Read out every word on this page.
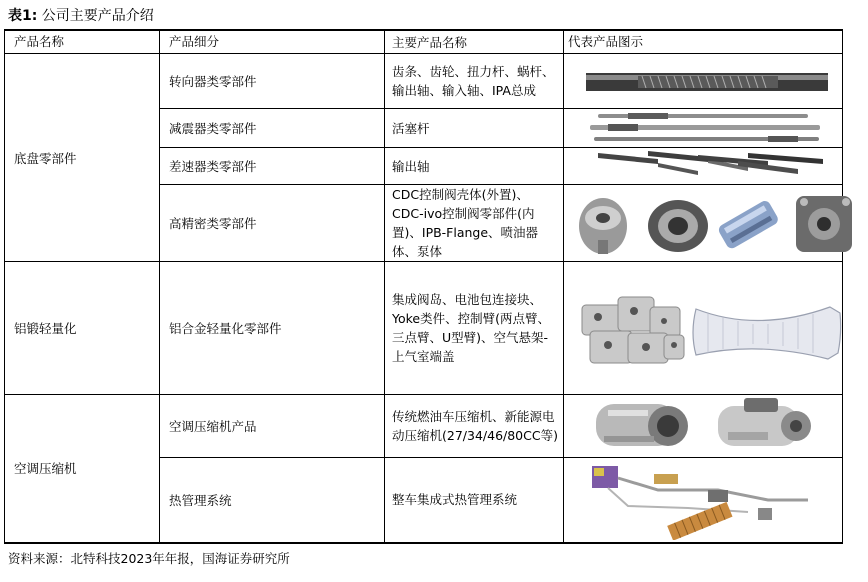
表1: 公司主要产品介绍
产品名称	产品细分	主要产品名称	代表产品图示
底盘零部件	转向器类零部件	齿条、齿轮、扭力杆、蜗杆、输出轴、输入轴、IPA总成	

	减震器类零部件	活塞杆	

	差速器类零部件	输出轴	

	高精密类零部件	CDC控制阀壳体(外置)、CDC-ivo控制阀零部件(内置)、IPB-Flange、喷油器体、泵体	

铝锻轻量化	铝合金轻量化零部件	集成阀岛、电池包连接块、Yoke类件、控制臂(两点臂、三点臂、U型臂)、空气悬架-上气室端盖	

空调压缩机	空调压缩机产品	传统燃油车压缩机、新能源电动压缩机(27/34/46/80CC等)	

	热管理系统	整车集成式热管理系统	
资料来源：北特科技2023年年报，国海证券研究所
